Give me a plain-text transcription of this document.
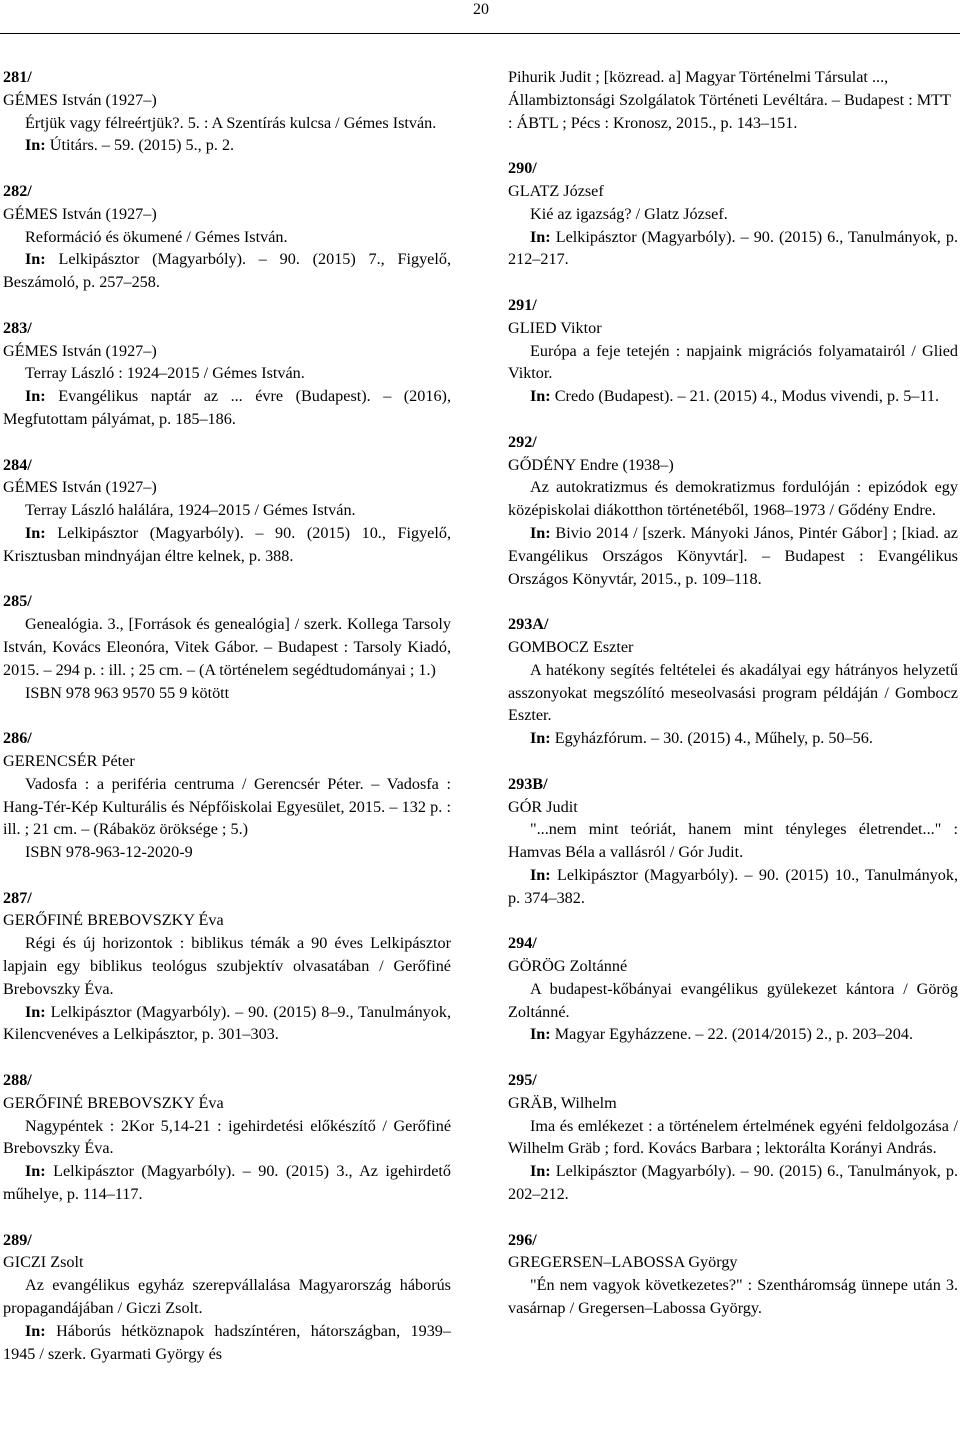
20

281/

GÉMES István (1927–)

Értjük vagy félreértjük?. 5. : A Szentírás kulcsa / Gémes István.

In: Útitárs. – 59. (2015) 5., p. 2.

282/

GÉMES István (1927–)

Reformáció és ökumené / Gémes István.

In: Lelkipásztor (Magyarbóly). – 90. (2015) 7., Figyelő, Beszámoló, p. 257–258.

283/

GÉMES István (1927–)

Terray László : 1924–2015 / Gémes István.

In: Evangélikus naptár az ... évre (Budapest). – (2016), Megfutottam pályámat, p. 185–186.

284/

GÉMES István (1927–)

Terray László halálára, 1924–2015 / Gémes István.

In: Lelkipásztor (Magyarbóly). – 90. (2015) 10., Figyelő, Krisztusban mindnyájan éltre kelnek, p. 388.

285/

Genealógia. 3., [Források és genealógia] / szerk. Kollega Tarsoly István, Kovács Eleonóra, Vitek Gábor. – Budapest : Tarsoly Kiadó, 2015. – 294 p. : ill. ; 25 cm. – (A történelem segédtudományai ; 1.)

ISBN 978 963 9570 55 9 kötött

286/

GERENCSÉR Péter

Vadosfa : a periféria centruma / Gerencsér Péter. – Vadosfa : Hang-Tér-Kép Kulturális és Népfőiskolai Egyesület, 2015. – 132 p. : ill. ; 21 cm. – (Rábaköz öröksége ; 5.)

ISBN 978-963-12-2020-9

287/

GERŐFINÉ BREBOVSZKY Éva

Régi és új horizontok : biblikus témák a 90 éves Lelkipásztor lapjain egy biblikus teológus szubjektív olvasatában / Gerőfiné Brebovszky Éva.

In: Lelkipásztor (Magyarbóly). – 90. (2015) 8–9., Tanulmányok, Kilencvenéves a Lelkipásztor, p. 301–303.

288/

GERŐFINÉ BREBOVSZKY Éva

Nagypéntek : 2Kor 5,14-21 : igehirdetési előkészítő / Gerőfiné Brebovszky Éva.

In: Lelkipásztor (Magyarbóly). – 90. (2015) 3., Az igehirdető műhelye, p. 114–117.

289/

GICZI Zsolt

Az evangélikus egyház szerepvállalása Magyarország háborús propagandájában / Giczi Zsolt.

In: Háborús hétköznapok hadszíntéren, hátországban, 1939–1945 / szerk. Gyarmati György és

Pihurik Judit ; [közread. a] Magyar Történelmi Társulat ..., Állambiztonsági Szolgálatok Történeti Levéltára. – Budapest : MTT : ÁBTL ; Pécs : Kronosz, 2015., p. 143–151.

290/

GLATZ József

Kié az igazság? / Glatz József.

In: Lelkipásztor (Magyarbóly). – 90. (2015) 6., Tanulmányok, p. 212–217.

291/

GLIED Viktor

Európa a feje tetején : napjaink migrációs folyamatairól / Glied Viktor.

In: Credo (Budapest). – 21. (2015) 4., Modus vivendi, p. 5–11.

292/

GŐDÉNY Endre (1938–)

Az autokratizmus és demokratizmus fordulóján : epizódok egy középiskolai diákotthon történetéből, 1968–1973 / Gődény Endre.

In: Bivio 2014 / [szerk. Mányoki János, Pintér Gábor] ; [kiad. az Evangélikus Országos Könyvtár]. – Budapest : Evangélikus Országos Könyvtár, 2015., p. 109–118.

293A/

GOMBOCZ Eszter

A hatékony segítés feltételei és akadályai egy hátrányos helyzetű asszonyokat megszólító meseolvasási program példáján / Gombocz Eszter.

In: Egyházfórum. – 30. (2015) 4., Műhely, p. 50–56.

293B/

GÓR Judit

"...nem mint teóriát, hanem mint tényleges életrendet..." : Hamvas Béla a vallásról / Gór Judit.

In: Lelkipásztor (Magyarbóly). – 90. (2015) 10., Tanulmányok, p. 374–382.

294/

GÖRÖG Zoltánné

A budapest-kőbányai evangélikus gyülekezet kántora / Görög Zoltánné.

In: Magyar Egyházzene. – 22. (2014/2015) 2., p. 203–204.

295/

GRÄB, Wilhelm

Ima és emlékezet : a történelem értelmének egyéni feldolgozása / Wilhelm Gräb ; ford. Kovács Barbara ; lektorálta Korányi András.

In: Lelkipásztor (Magyarbóly). – 90. (2015) 6., Tanulmányok, p. 202–212.

296/

GREGERSEN–LABOSSA György

"Én nem vagyok következetes?" : Szentháromság ünnepe után 3. vasárnap / Gregersen–Labossa György.
